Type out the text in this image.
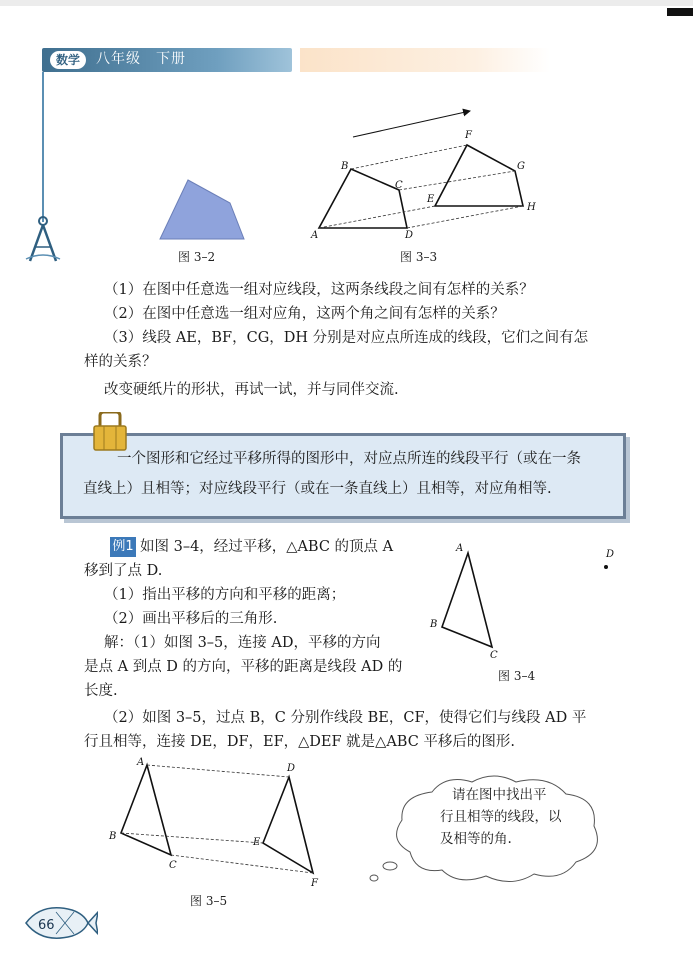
数学	八年级　下册
图 3–2
A
B
C
D
E
F
G
H
图 3–3
（1）在图中任意选一组对应线段，这两条线段之间有怎样的关系？
（2）在图中任意选一组对应角，这两个角之间有怎样的关系？
（3）线段 AE，BF，CG，DH 分别是对应点所连成的线段，它们之间有怎
样的关系？
改变硬纸片的形状，再试一试，并与同伴交流.
一个图形和它经过平移所得的图形中，对应点所连的线段平行（或在一条
直线上）且相等；对应线段平行（或在一条直线上）且相等，对应角相等.
例1 如图 3–4，经过平移，△ABC 的顶点 A
移到了点 D.
（1）指出平移的方向和平移的距离；
（2）画出平移后的三角形.
解：（1）如图 3–5，连接 AD，平移的方向
是点 A 到点 D 的方向，平移的距离是线段 AD 的
长度.
（2）如图 3–5，过点 B，C 分别作线段 BE，CF，使得它们与线段 AD 平
行且相等，连接 DE，DF，EF，△DEF 就是△ABC 平移后的图形.
A
B
C
D
图 3–4
A
B
C
D
E
F
图 3–5
请在图中找出平
行且相等的线段，以
及相等的角.
66
